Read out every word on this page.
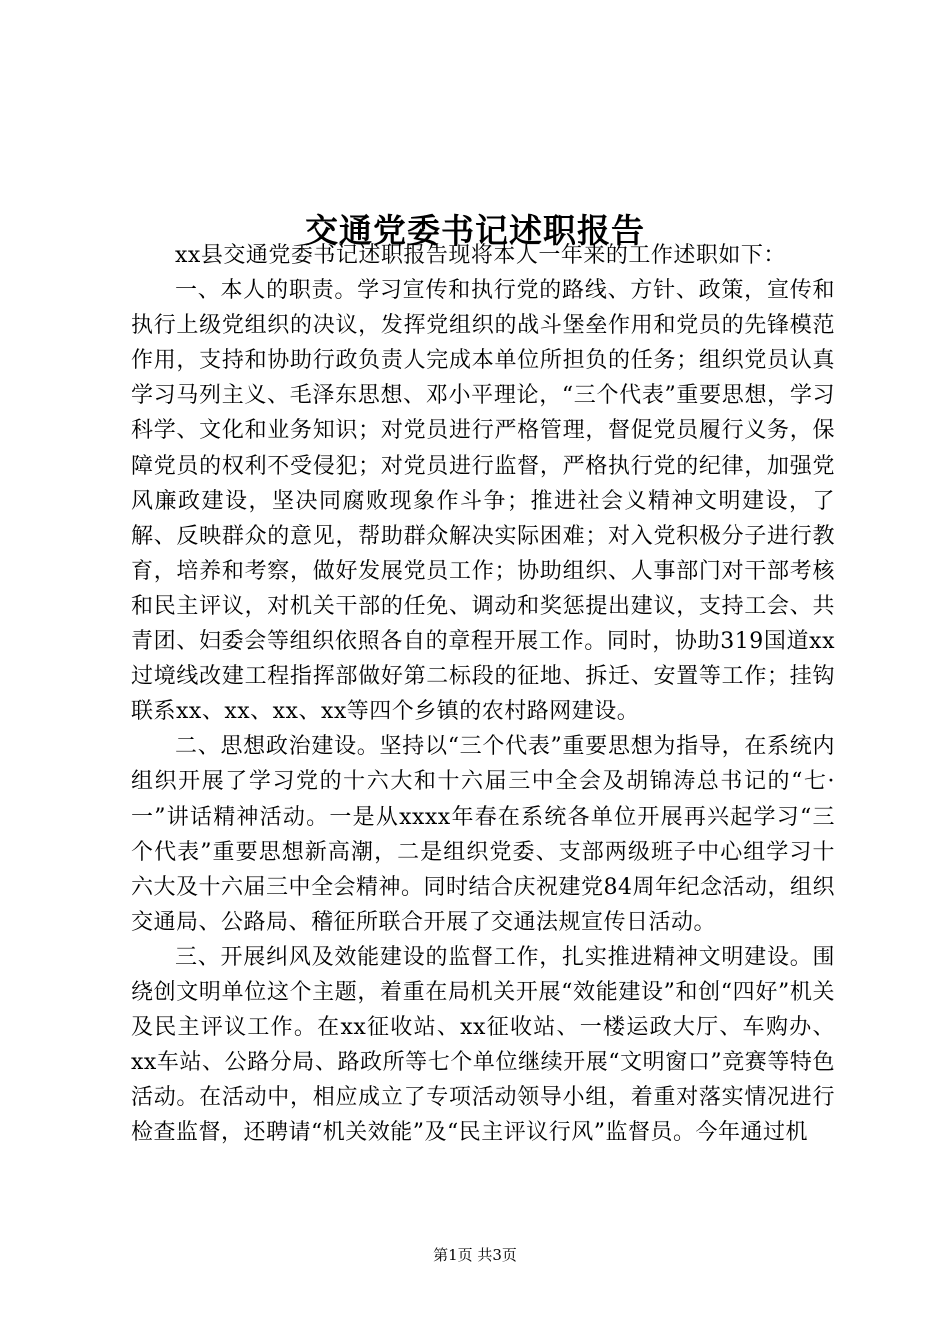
交通党委书记述职报告

xx县交通党委书记述职报告现将本人一年来的工作述职如下：

一、本人的职责。学习宣传和执行党的路线、方针、政策，宣传和执行上级党组织的决议，发挥党组织的战斗堡垒作用和党员的先锋模范作用，支持和协助行政负责人完成本单位所担负的任务；组织党员认真学习马列主义、毛泽东思想、邓小平理论，“三个代表”重要思想，学习科学、文化和业务知识；对党员进行严格管理，督促党员履行义务，保障党员的权利不受侵犯；对党员进行监督，严格执行党的纪律，加强党风廉政建设，坚决同腐败现象作斗争；推进社会义精神文明建设，了解、反映群众的意见，帮助群众解决实际困难；对入党积极分子进行教育，培养和考察，做好发展党员工作；协助组织、人事部门对干部考核和民主评议，对机关干部的任免、调动和奖惩提出建议，支持工会、共青团、妇委会等组织依照各自的章程开展工作。同时，协助319国道xx过境线改建工程指挥部做好第二标段的征地、拆迁、安置等工作；挂钩联系xx、xx、xx、xx等四个乡镇的农村路网建设。

二、思想政治建设。坚持以“三个代表”重要思想为指导，在系统内组织开展了学习党的十六大和十六届三中全会及胡锦涛总书记的“七·一”讲话精神活动。一是从xxxx年春在系统各单位开展再兴起学习“三个代表”重要思想新高潮，二是组织党委、支部两级班子中心组学习十六大及十六届三中全会精神。同时结合庆祝建党84周年纪念活动，组织交通局、公路局、稽征所联合开展了交通法规宣传日活动。

三、开展纠风及效能建设的监督工作，扎实推进精神文明建设。围绕创文明单位这个主题，着重在局机关开展“效能建设”和创“四好”机关及民主评议工作。在xx征收站、xx征收站、一楼运政大厅、车购办、xx车站、公路分局、路政所等七个单位继续开展“文明窗口”竞赛等特色活动。在活动中，相应成立了专项活动领导小组，着重对落实情况进行检查监督，还聘请“机关效能”及“民主评议行风”监督员。今年通过机

第1页 共3页
